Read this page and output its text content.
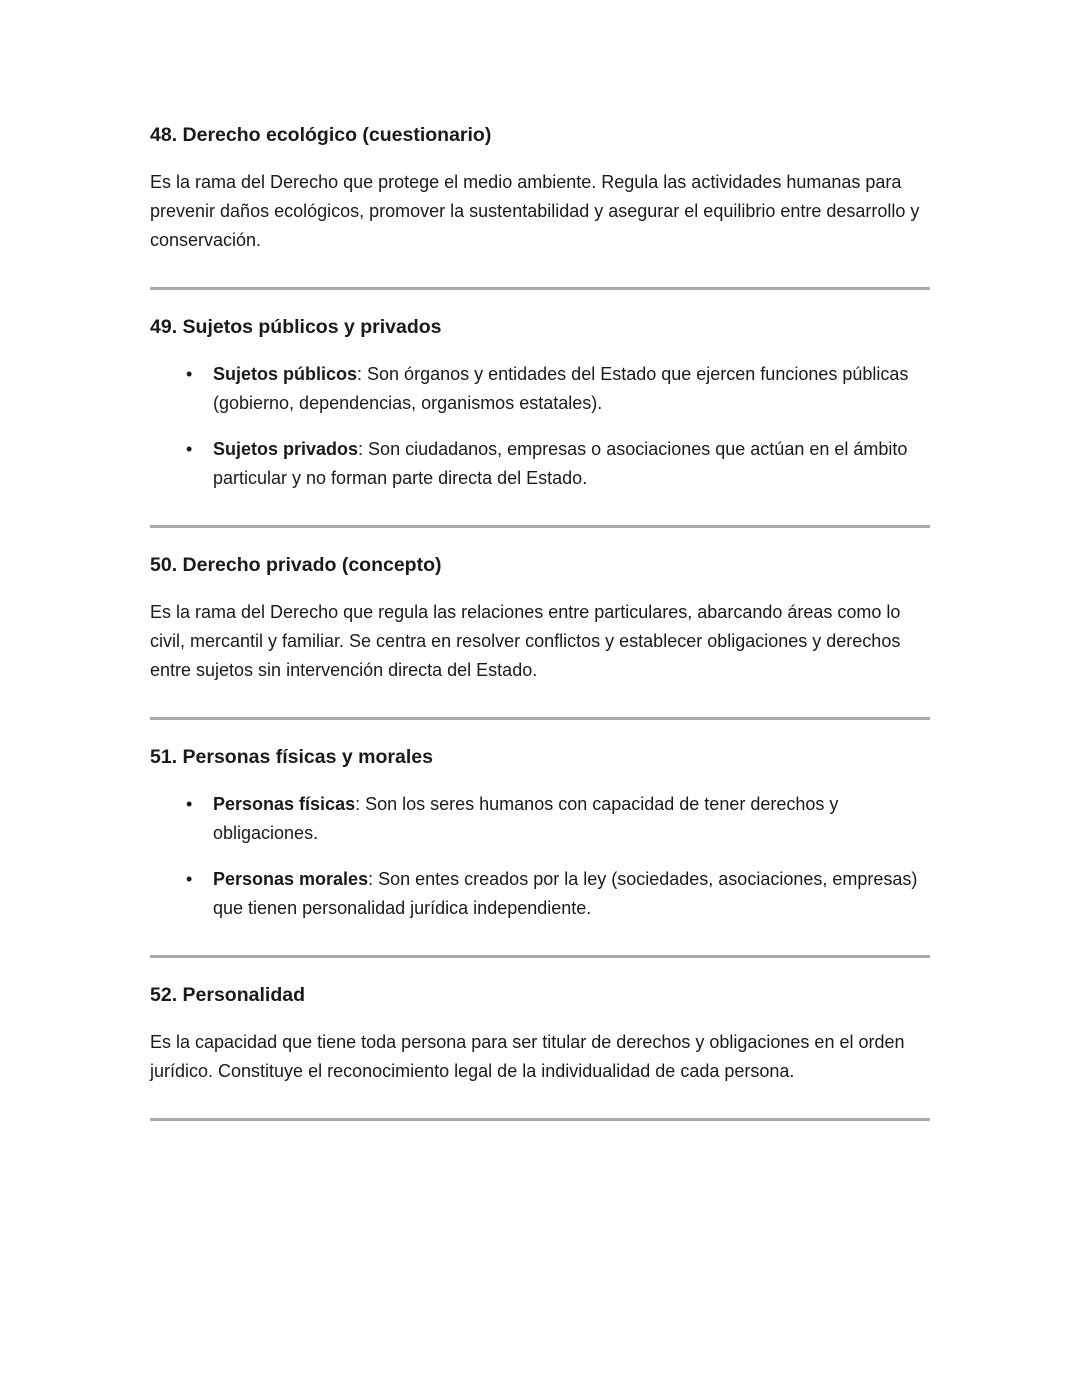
48. Derecho ecológico (cuestionario)

Es la rama del Derecho que protege el medio ambiente. Regula las actividades humanas para prevenir daños ecológicos, promover la sustentabilidad y asegurar el equilibrio entre desarrollo y conservación.

49. Sujetos públicos y privados
• Sujetos públicos: Son órganos y entidades del Estado que ejercen funciones públicas (gobierno, dependencias, organismos estatales).
• Sujetos privados: Son ciudadanos, empresas o asociaciones que actúan en el ámbito particular y no forman parte directa del Estado.
50. Derecho privado (concepto)

Es la rama del Derecho que regula las relaciones entre particulares, abarcando áreas como lo civil, mercantil y familiar. Se centra en resolver conflictos y establecer obligaciones y derechos entre sujetos sin intervención directa del Estado.

51. Personas físicas y morales
• Personas físicas: Son los seres humanos con capacidad de tener derechos y obligaciones.
• Personas morales: Son entes creados por la ley (sociedades, asociaciones, empresas) que tienen personalidad jurídica independiente.
52. Personalidad

Es la capacidad que tiene toda persona para ser titular de derechos y obligaciones en el orden jurídico. Constituye el reconocimiento legal de la individualidad de cada persona.
